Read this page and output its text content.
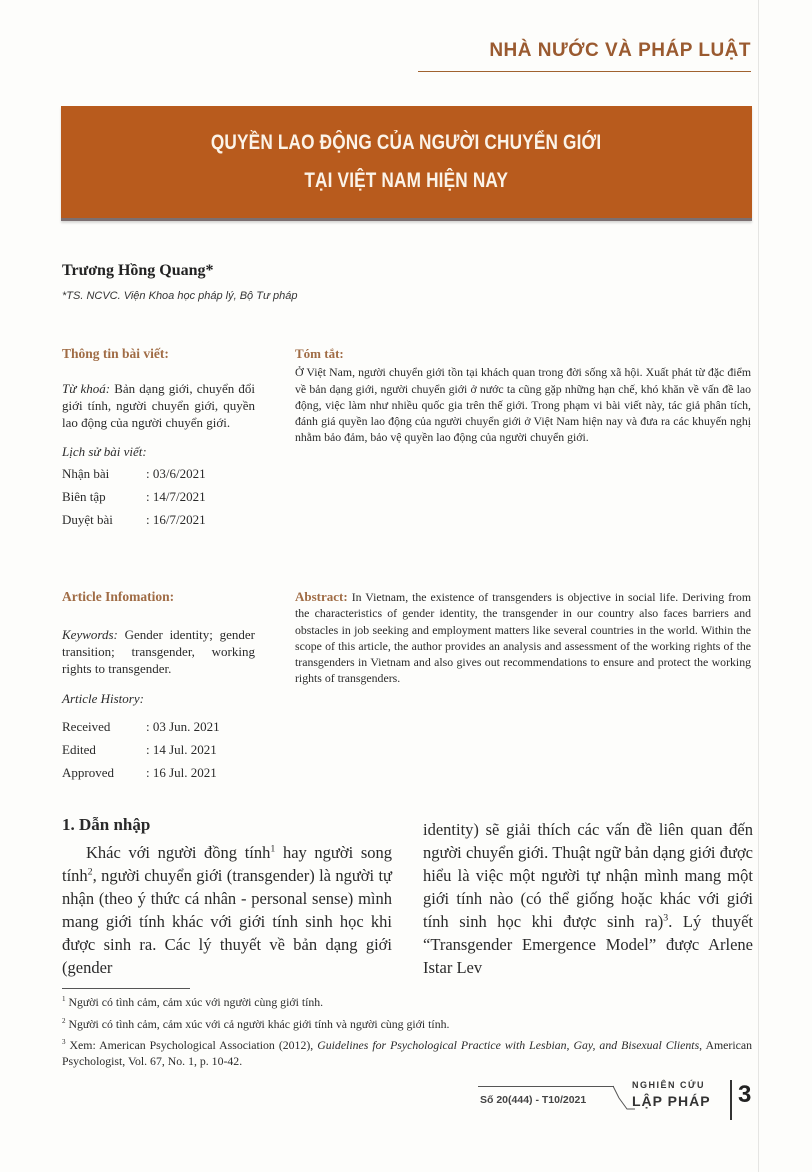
NHÀ NƯỚC VÀ PHÁP LUẬT
QUYỀN LAO ĐỘNG CỦA NGƯỜI CHUYỂN GIỚI
TẠI VIỆT NAM HIỆN NAY
Trương Hồng Quang*
*TS. NCVC. Viện Khoa học pháp lý, Bộ Tư pháp
Thông tin bài viết:
Từ khoá: Bản dạng giới, chuyển đổi giới tính, người chuyển giới, quyền lao động của người chuyển giới.
Lịch sử bài viết:
Nhận bài	: 03/6/2021
Biên tập	: 14/7/2021
Duyệt bài	: 16/7/2021
Tóm tắt:
Ở Việt Nam, người chuyển giới tồn tại khách quan trong đời sống xã hội. Xuất phát từ đặc điểm về bản dạng giới, người chuyển giới ở nước ta cũng gặp những hạn chế, khó khăn về vấn đề lao động, việc làm như nhiều quốc gia trên thế giới. Trong phạm vi bài viết này, tác giả phân tích, đánh giá quyền lao động của người chuyển giới ở Việt Nam hiện nay và đưa ra các khuyến nghị nhằm bảo đảm, bảo vệ quyền lao động của người chuyển giới.
Article Infomation:
Keywords: Gender identity; gender transition; transgender, working rights to transgender.
Article History:
Received	: 03 Jun. 2021
Edited	: 14 Jul. 2021
Approved	: 16 Jul. 2021
Abstract: In Vietnam, the existence of transgenders is objective in social life. Deriving from the characteristics of gender identity, the transgender in our country also faces barriers and obstacles in job seeking and employment matters like several countries in the world. Within the scope of this article, the author provides an analysis and assessment of the working rights of the transgenders in Vietnam and also gives out recommendations to ensure and protect the working rights of transgenders.
1. Dẫn nhập
Khác với người đồng tính$^1$ hay người song tính$^2$, người chuyển giới (transgender) là người tự nhận (theo ý thức cá nhân - personal sense) mình mang giới tính khác với giới tính sinh học khi được sinh ra. Các lý thuyết về bản dạng giới (gender
identity) sẽ giải thích các vấn đề liên quan đến người chuyển giới. Thuật ngữ bản dạng giới được hiểu là việc một người tự nhận mình mang một giới tính nào (có thể giống hoặc khác với giới tính sinh học khi được sinh ra)$^3$. Lý thuyết “Transgender Emergence Model” được Arlene Istar Lev
$^1$ Người có tình cảm, cảm xúc với người cùng giới tính.
$^2$ Người có tình cảm, cảm xúc với cả người khác giới tính và người cùng giới tính.
$^3$ Xem: American Psychological Association (2012), Guidelines for Psychological Practice with Lesbian, Gay, and Bisexual Clients, American Psychologist, Vol. 67, No. 1, p. 10-42.
Số 20(444) - T10/2021
NGHIÊN CỨU
LẬP PHÁP 3
